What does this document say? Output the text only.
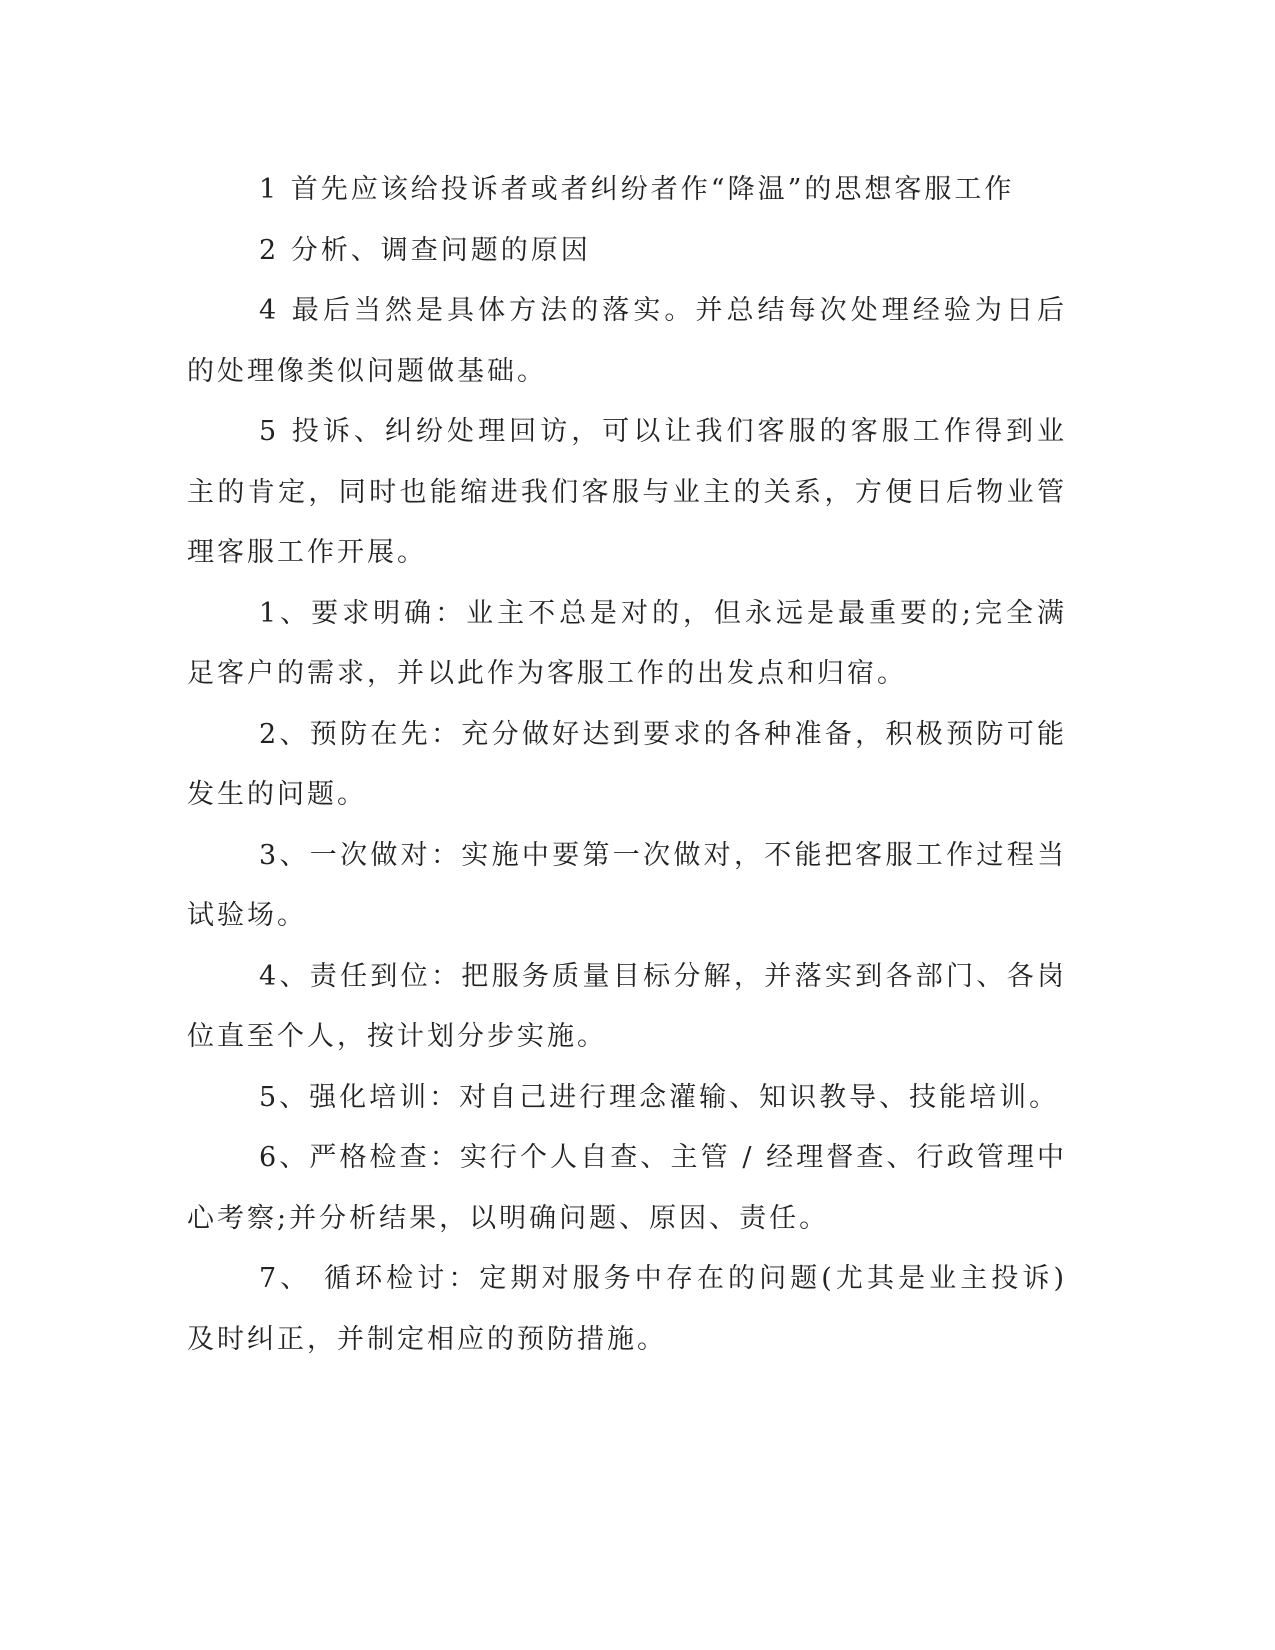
1 首先应该给投诉者或者纠纷者作“降温”的思想客服工作

2 分析、调查问题的原因

4 最后当然是具体方法的落实。并总结每次处理经验为日后的处理像类似问题做基础。

5 投诉、纠纷处理回访，可以让我们客服的客服工作得到业主的肯定，同时也能缩进我们客服与业主的关系，方便日后物业管理客服工作开展。

1、要求明确：业主不总是对的，但永远是最重要的;完全满足客户的需求，并以此作为客服工作的出发点和归宿。

2、预防在先：充分做好达到要求的各种准备，积极预防可能发生的问题。

3、一次做对：实施中要第一次做对，不能把客服工作过程当试验场。

4、责任到位：把服务质量目标分解，并落实到各部门、各岗位直至个人，按计划分步实施。

5、强化培训：对自己进行理念灌输、知识教导、技能培训。

6、严格检查：实行个人自查、主管 / 经理督查、行政管理中心考察;并分析结果，以明确问题、原因、责任。

7、 循环检讨：定期对服务中存在的问题(尤其是业主投诉)及时纠正，并制定相应的预防措施。
